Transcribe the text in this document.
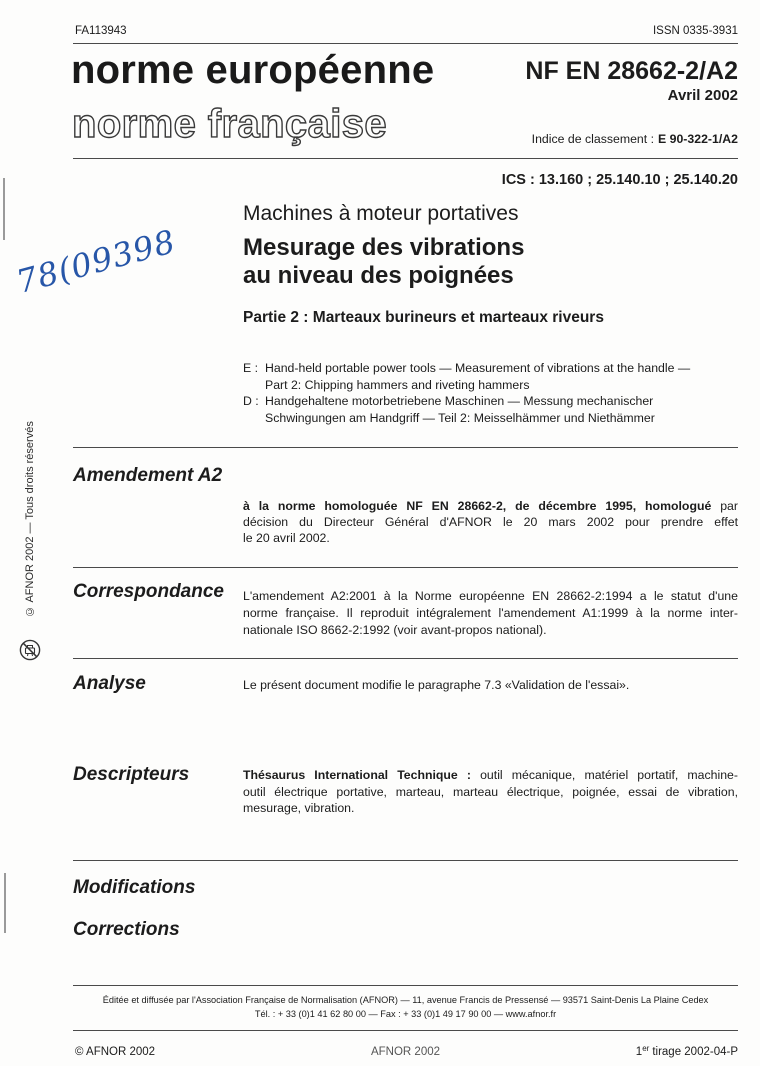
FA113943	ISSN 0335-3931
norme européenne
norme française
NF EN 28662-2/A2
Avril 2002
Indice de classement : E 90-322-1/A2
ICS : 13.160 ; 25.140.10 ; 25.140.20
Machines à moteur portatives
Mesurage des vibrations
au niveau des poignées
Partie 2 : Marteaux burineurs et marteaux riveurs
78(09398
E : Hand-held portable power tools — Measurement of vibrations at the handle —
Part 2: Chipping hammers and riveting hammers
D : Handgehaltene motorbetriebene Maschinen — Messung mechanischer
Schwingungen am Handgriff — Teil 2: Meisselhämmer und Niethämmer
© AFNOR 2002 — Tous droits réservés Amendement A2
à la norme homologuée NF EN 28662-2, de décembre 1995, homologué par
décision du Directeur Général d'AFNOR le 20 mars 2002 pour prendre effet
le 20 avril 2002.
Correspondance L'amendement A2:2001 à la Norme européenne EN 28662-2:1994 a le statut d'une
norme française. Il reproduit intégralement l'amendement A1:1999 à la norme inter-
nationale ISO 8662-2:1992 (voir avant-propos national).
Analyse	Le présent document modifie le paragraphe 7.3 «Validation de l'essai».
Descripteurs	Thésaurus International Technique : outil mécanique, matériel portatif, machine-
outil électrique portative, marteau, marteau électrique, poignée, essai de vibration,
mesurage, vibration.
Modifications
Corrections
Éditée et diffusée par l'Association Française de Normalisation (AFNOR) — 11, avenue Francis de Pressensé — 93571 Saint-Denis La Plaine Cedex
Tél. : + 33 (0)1 41 62 80 00 — Fax : + 33 (0)1 49 17 90 00 — www.afnor.fr
© AFNOR 2002	AFNOR 2002	1er tirage 2002-04-P
